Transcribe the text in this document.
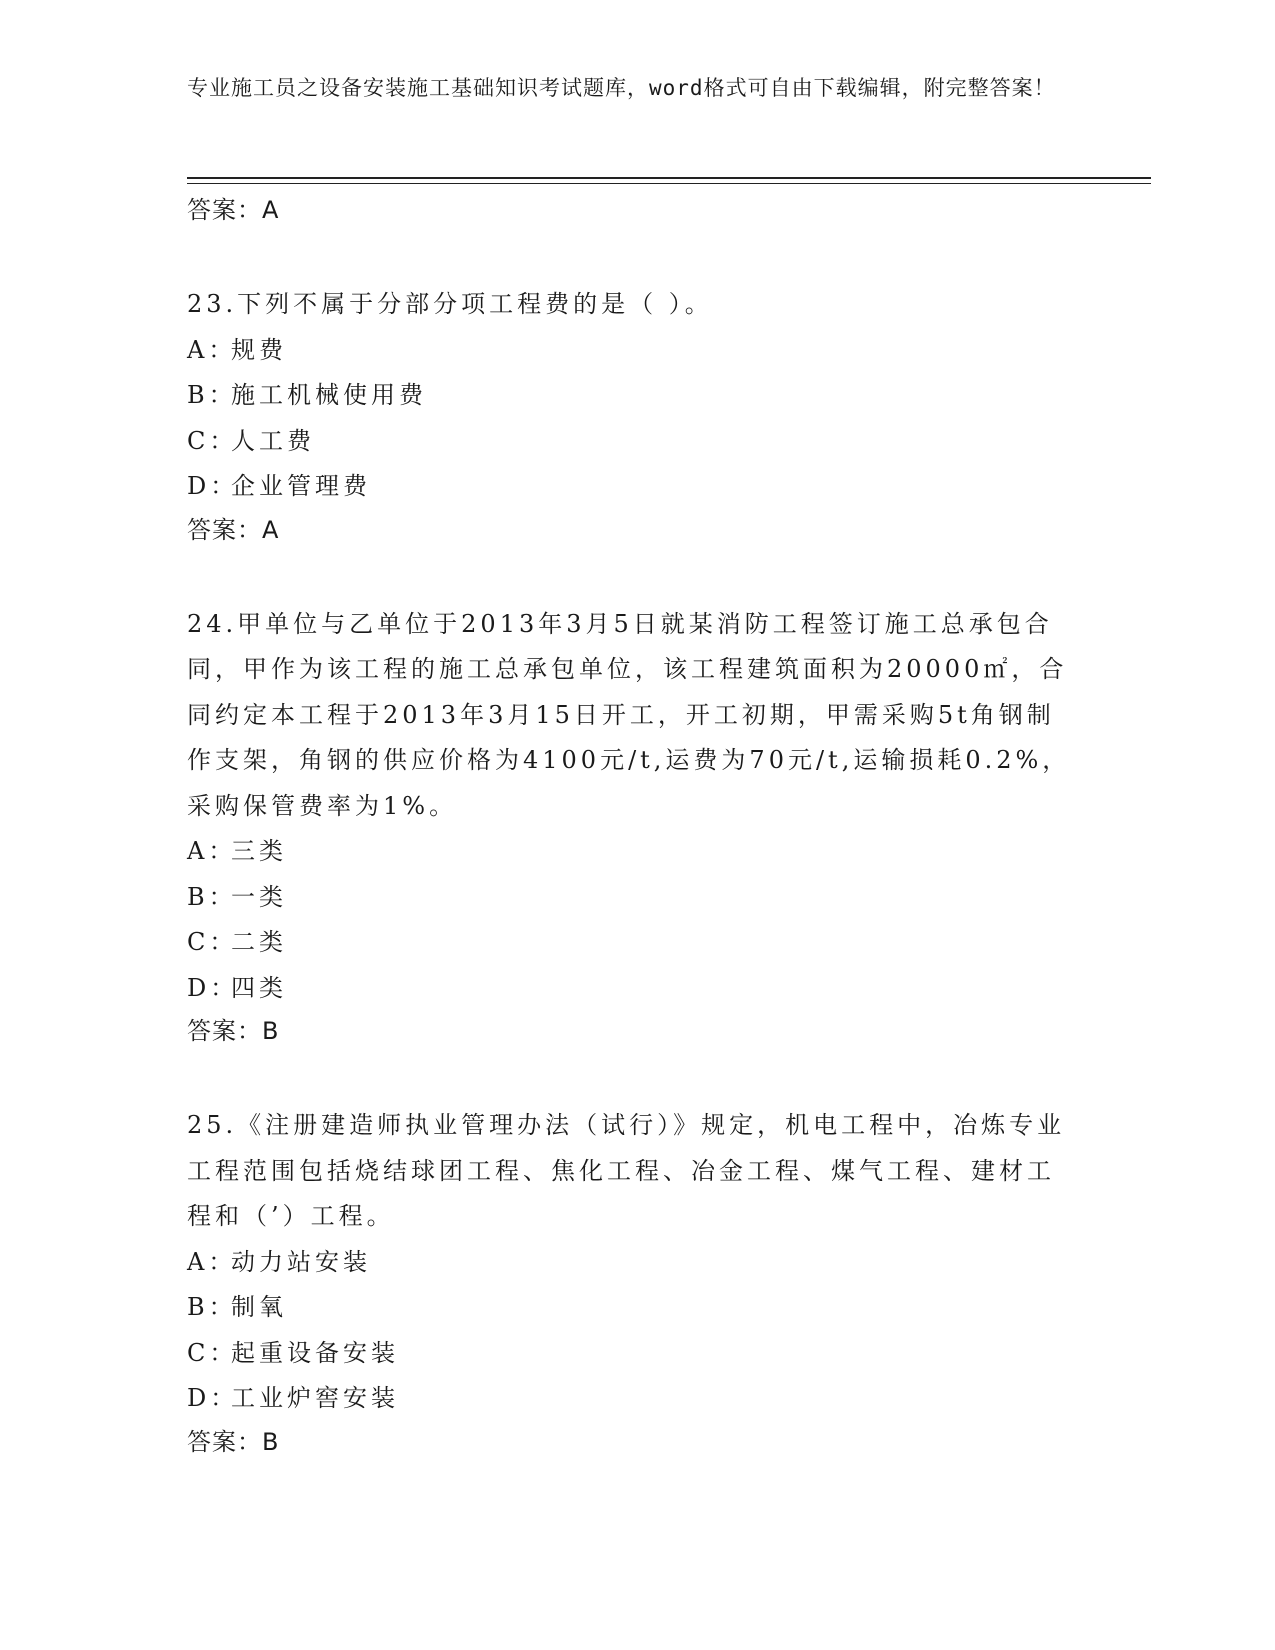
专业施工员之设备安装施工基础知识考试题库，word格式可自由下载编辑，附完整答案！
答案：A
23.下列不属于分部分项工程费的是（ ）。
A：规费
B：施工机械使用费
C：人工费
D：企业管理费
答案：A
24.甲单位与乙单位于2013年3月5日就某消防工程签订施工总承包合同，甲作为该工程的施工总承包单位，该工程建筑面积为20000㎡，合同约定本工程于2013年3月15日开工，开工初期，甲需采购5t角钢制作支架，角钢的供应价格为4100元/t,运费为70元/t,运输损耗0.2%，采购保管费率为1%。
A：三类
B：一类
C：二类
D：四类
答案：B
25.《注册建造师执业管理办法（试行）》规定，机电工程中，冶炼专业工程范围包括烧结球团工程、焦化工程、冶金工程、煤气工程、建材工程和（’）工程。
A：动力站安装
B：制氧
C：起重设备安装
D：工业炉窖安装
答案：B
